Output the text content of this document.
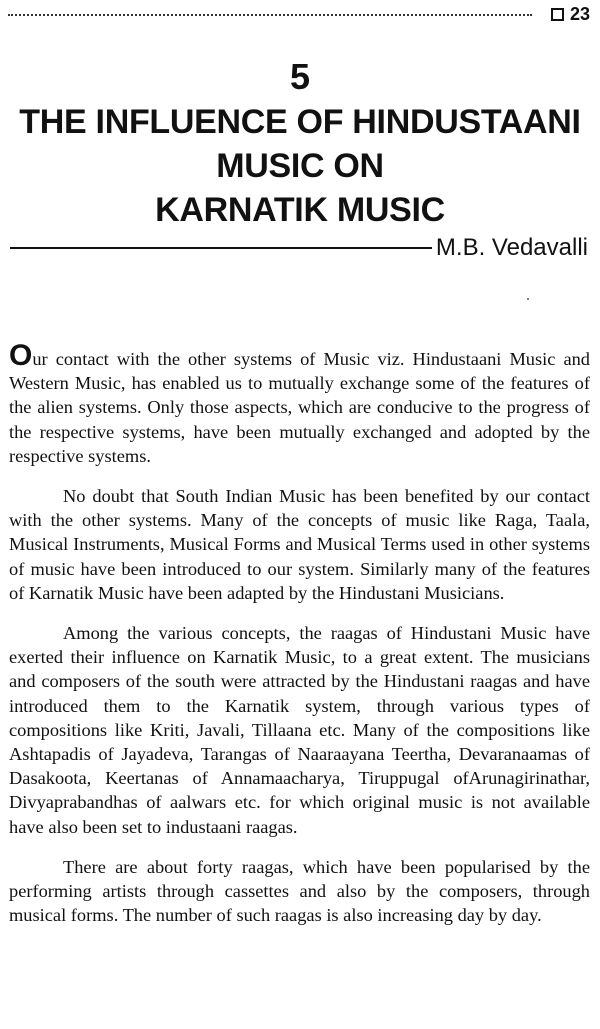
23
5
THE INFLUENCE OF HINDUSTAANI
MUSIC ON
KARNATIK MUSIC
M.B. Vedavalli

Our contact with the other systems of Music viz. Hindustaani Music and Western Music, has enabled us to mutually exchange some of the features of the alien systems. Only those aspects, which are conducive to the progress of the respective systems, have been mutually exchanged and adopted by the respective systems.

No doubt that South Indian Music has been benefited by our contact with the other systems. Many of the concepts of music like Raga, Taala, Musical Instruments, Musical Forms and Musical Terms used in other systems of music have been introduced to our system. Similarly many of the features of Karnatik Music have been adapted by the Hindustani Musicians.

Among the various concepts, the raagas of Hindustani Music have exerted their influence on Karnatik Music, to a great extent. The musicians and composers of the south were attracted by the Hindustani raagas and have introduced them to the Karnatik system, through various types of compositions like Kriti, Javali, Tillaana etc. Many of the compositions like Ashtapadis of Jayadeva, Tarangas of Naaraayana Teertha, Devaranaamas of Dasakoota, Keertanas of Annamaacharya, Tiruppugal ofArunagirinathar, Divyaprabandhas of aalwars etc. for which original music is not available have also been set to industaani raagas.

There are about forty raagas, which have been popularised by the performing artists through cassettes and also by the composers, through musical forms. The number of such raagas is also increasing day by day.
